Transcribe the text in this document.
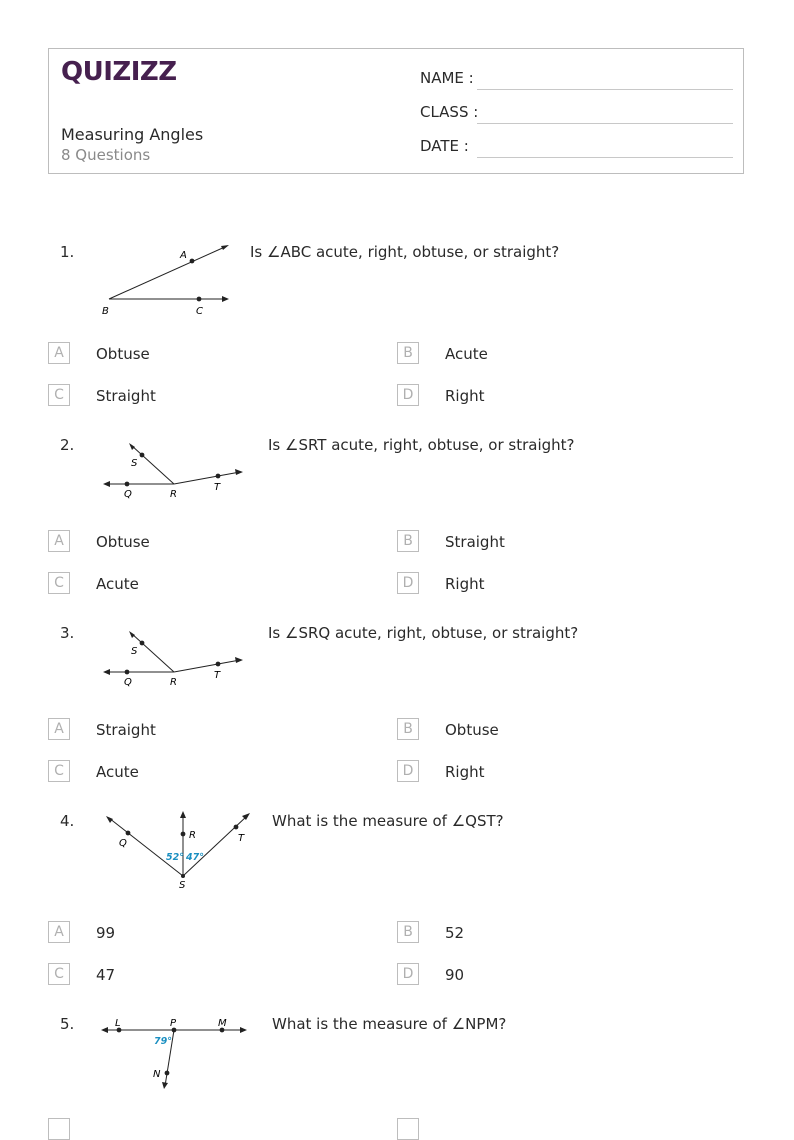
QUIZIZZ
Measuring Angles
8 Questions
NAME :
CLASS :
DATE :
1.	Is ∠ABC acute, right, obtuse, or straight?
A
B	C
A	Obtuse	B	Acute
C	Straight	D	Right
2.	Is ∠SRT acute, right, obtuse, or straight?
S
Q	R
T
A	Obtuse	B	Straight
C	Acute	D	Right
3.	Is ∠SRQ acute, right, obtuse, or straight?
S
Q	R
T
A	Straight	B	Obtuse
C	Acute	D	Right
4.	What is the measure of ∠QST?
Q
R	T
S
52° 47°
A	99	B	52
C	47	D	90
5.	What is the measure of ∠NPM?
L	P	M
79°
N
